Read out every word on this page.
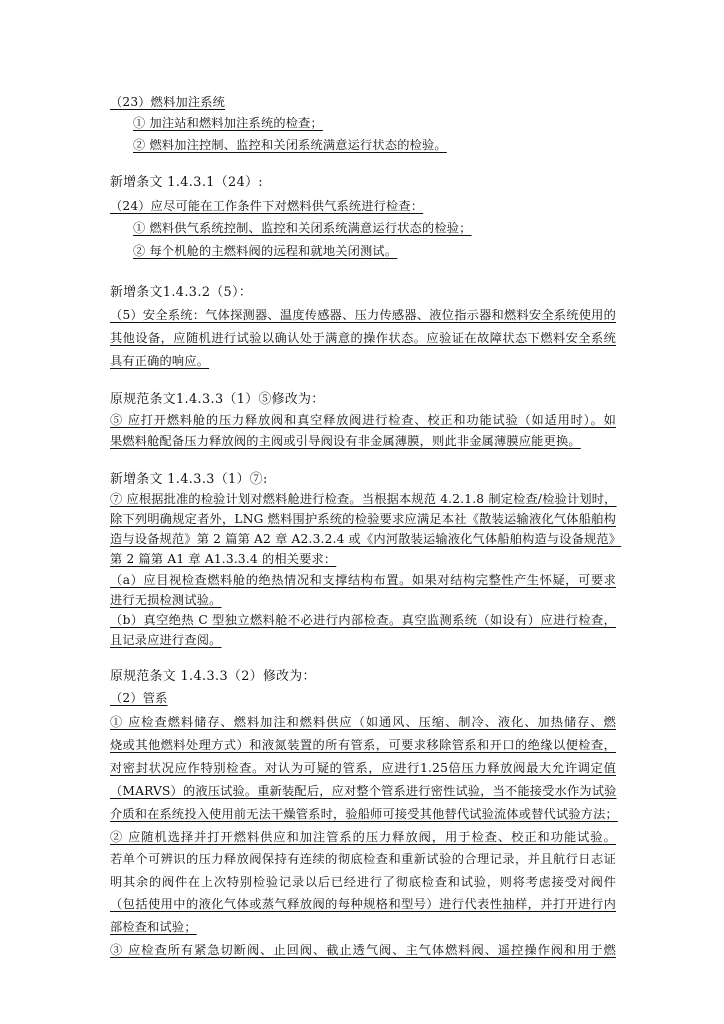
（23）燃料加注系统
① 加注站和燃料加注系统的检查；
② 燃料加注控制、监控和关闭系统满意运行状态的检验。
新增条文 1.4.3.1（24）:
（24）应尽可能在工作条件下对燃料供气系统进行检查：
① 燃料供气系统控制、监控和关闭系统满意运行状态的检验；
② 每个机舱的主燃料阀的远程和就地关闭测试。
新增条文1.4.3.2（5）：
（5）安全系统：气体探测器、温度传感器、压力传感器、液位指示器和燃料安全系统使用的
其他设备，应随机进行试验以确认处于满意的操作状态。应验证在故障状态下燃料安全系统
具有正确的响应。
原规范条文1.4.3.3（1）⑤修改为：
⑤ 应打开燃料舱的压力释放阀和真空释放阀进行检查、校正和功能试验（如适用时）。如
果燃料舱配备压力释放阀的主阀或引导阀设有非金属薄膜，则此非金属薄膜应能更换。
新增条文 1.4.3.3（1）⑦:
⑦ 应根据批准的检验计划对燃料舱进行检查。当根据本规范 4.2.1.8 制定检查/检验计划时，
除下列明确规定者外，LNG 燃料围护系统的检验要求应满足本社《散装运输液化气体船舶构
造与设备规范》第 2 篇第 A2 章 A2.3.2.4 或《内河散装运输液化气体船舶构造与设备规范》
第 2 篇第 A1 章 A1.3.3.4 的相关要求：
（a）应目视检查燃料舱的绝热情况和支撑结构布置。如果对结构完整性产生怀疑，可要求
进行无损检测试验。
（b）真空绝热 C 型独立燃料舱不必进行内部检查。真空监测系统（如设有）应进行检查，
且记录应进行查阅。
原规范条文 1.4.3.3（2）修改为：
（2）管系
① 应检查燃料储存、燃料加注和燃料供应（如通风、压缩、制冷、液化、加热储存、燃
烧或其他燃料处理方式）和液氮装置的所有管系，可要求移除管系和开口的绝缘以便检查，
对密封状况应作特别检查。对认为可疑的管系，应进行1.25倍压力释放阀最大允许调定值
（MARVS）的液压试验。重新装配后，应对整个管系进行密性试验，当不能接受水作为试验
介质和在系统投入使用前无法干燥管系时，验船师可接受其他替代试验流体或替代试验方法；
② 应随机选择并打开燃料供应和加注管系的压力释放阀，用于检查、校正和功能试验。
若单个可辨识的压力释放阀保持有连续的彻底检查和重新试验的合理记录，并且航行日志证
明其余的阀件在上次特别检验记录以后已经进行了彻底检查和试验，则将考虑接受对阀件
（包括使用中的液化气体或蒸气释放阀的每种规格和型号）进行代表性抽样，并打开进行内
部检查和试验；
③ 应检查所有紧急切断阀、止回阀、截止透气阀、主气体燃料阀、遥控操作阀和用于燃
